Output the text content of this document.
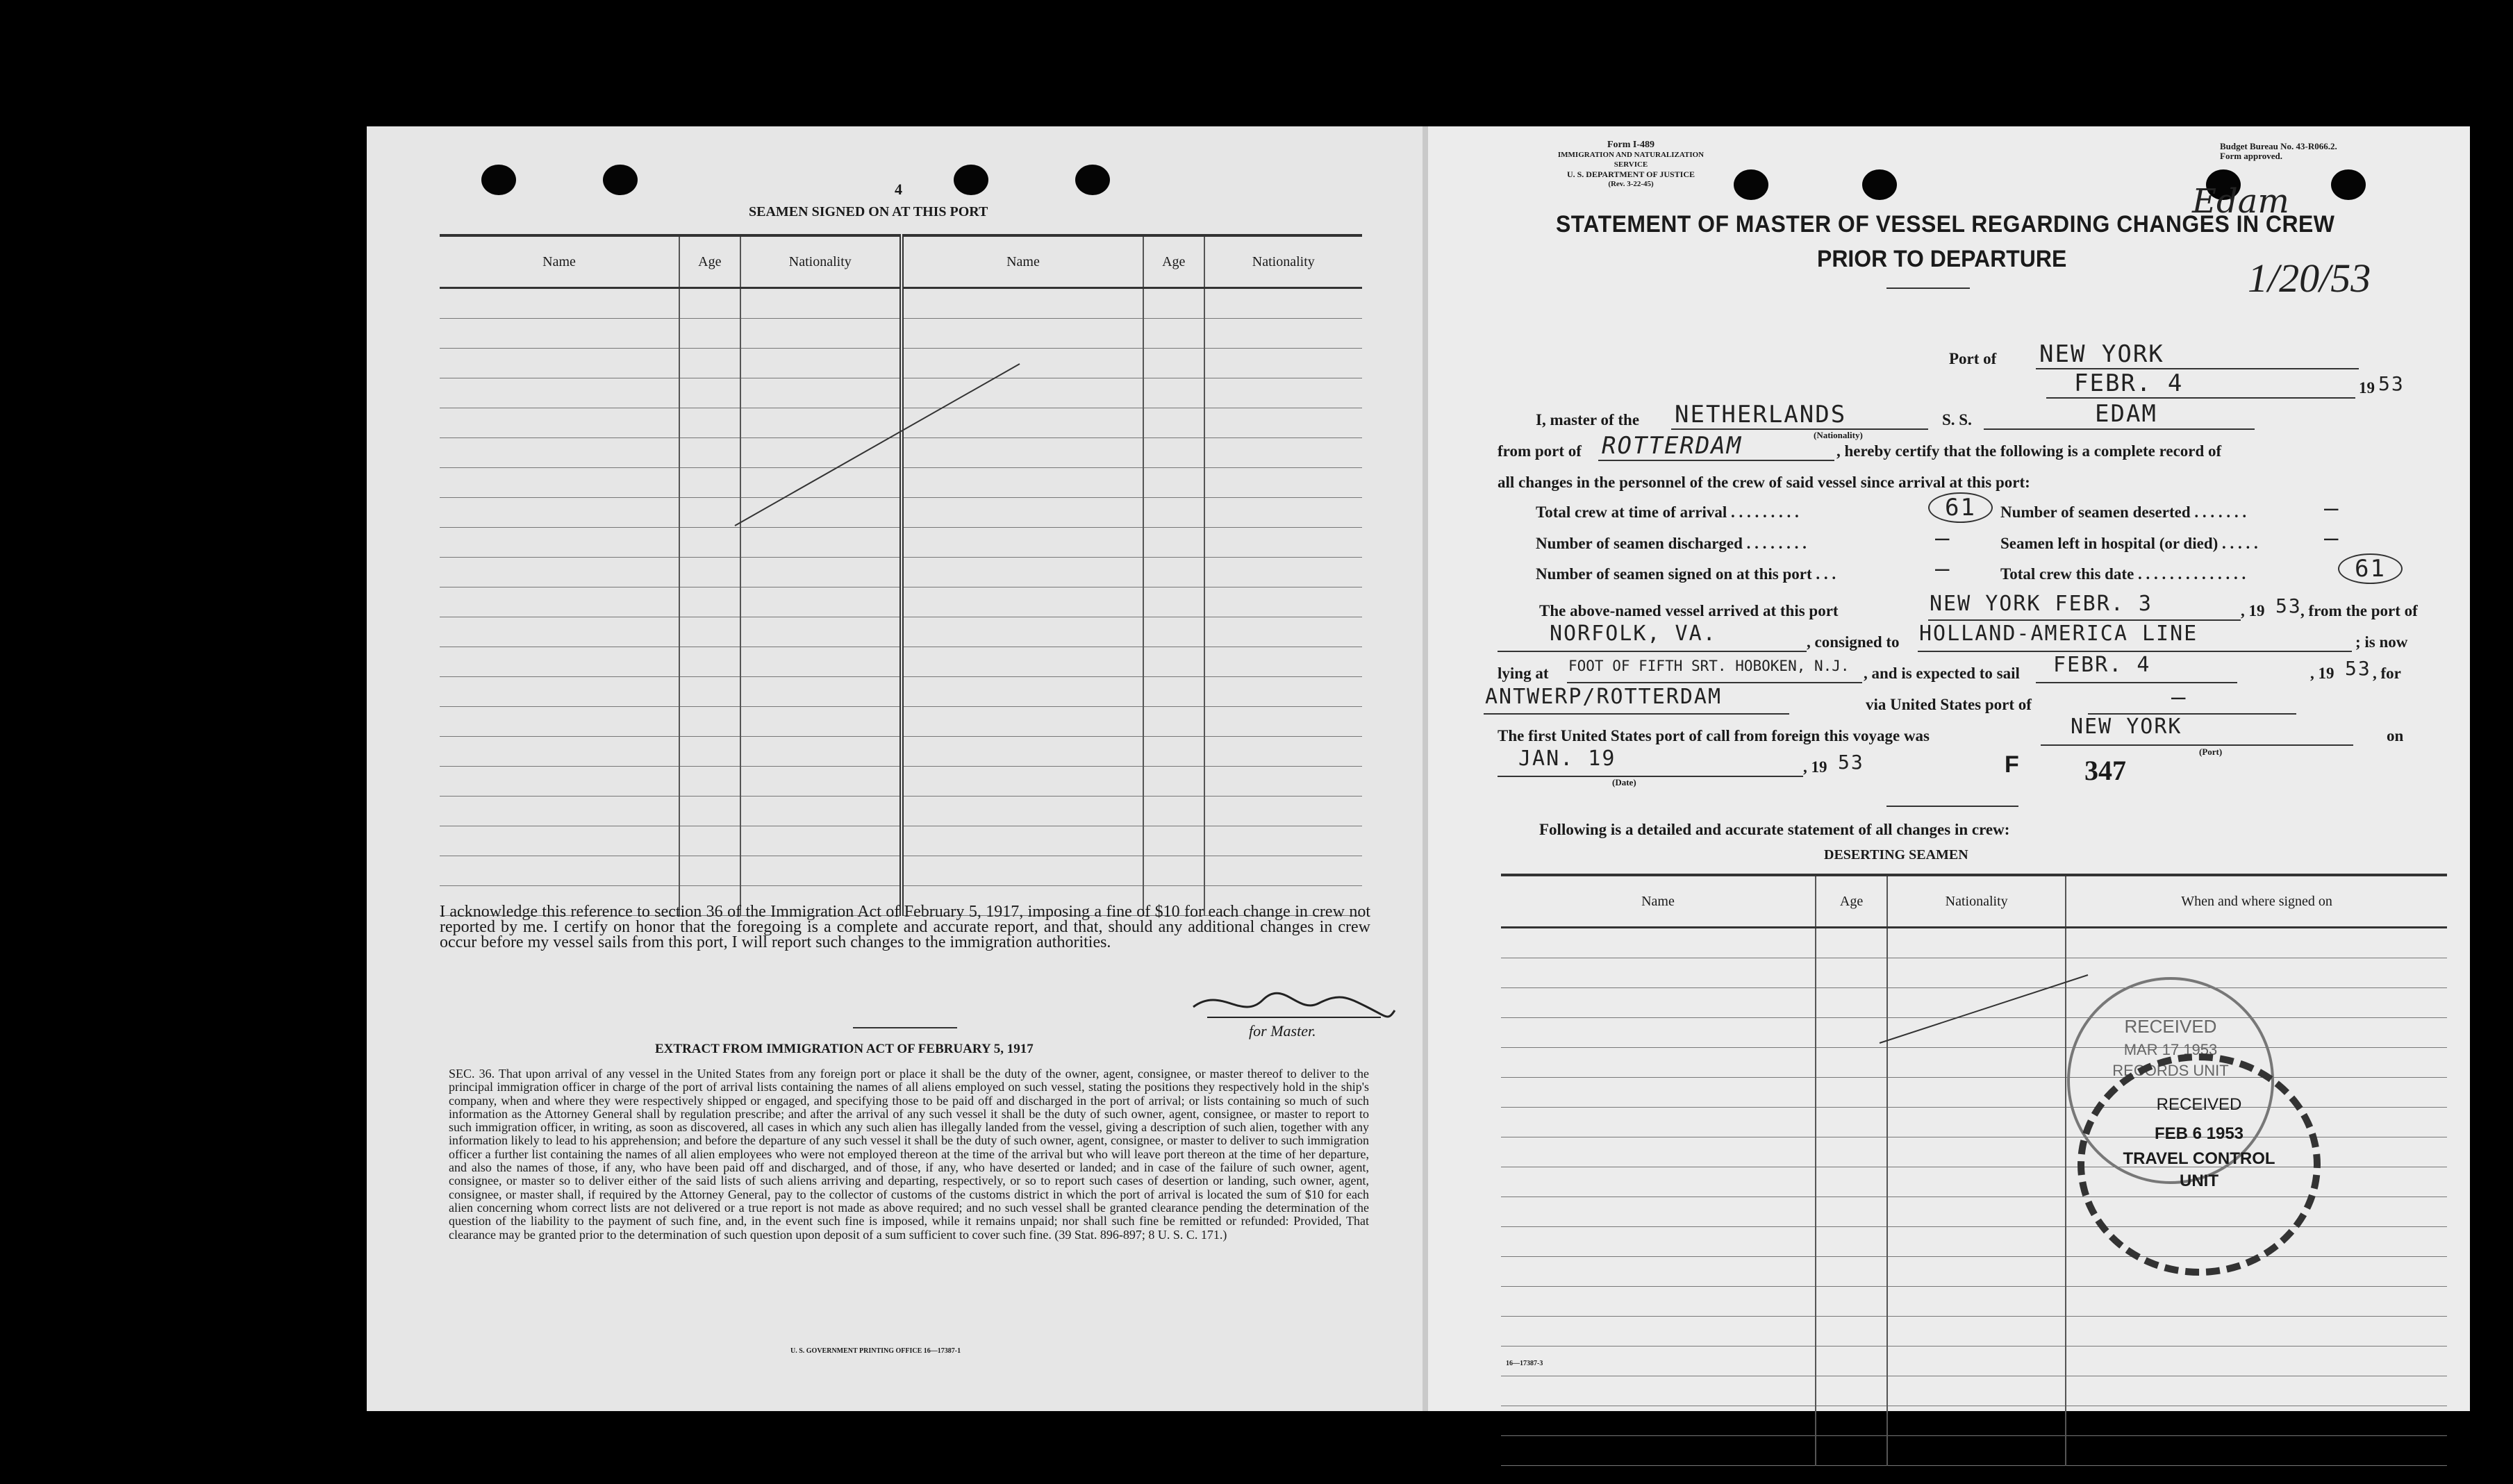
4
SEAMEN SIGNED ON AT THIS PORT
Name	Age	Nationality	Name	Age	Nationality

I acknowledge this reference to section 36 of the Immigration Act of February 5, 1917, imposing a fine of $10 for each change in crew not reported by me. I certify on honor that the foregoing is a complete and accurate report, and that, should any additional changes in crew occur before my vessel sails from this port, I will report such changes to the immigration authorities.
for Master.
EXTRACT FROM IMMIGRATION ACT OF FEBRUARY 5, 1917
SEC. 36. That upon arrival of any vessel in the United States from any foreign port or place it shall be the duty of the owner, agent, consignee, or master thereof to deliver to the principal immigration officer in charge of the port of arrival lists containing the names of all aliens employed on such vessel, stating the positions they respectively hold in the ship's company, when and where they were respectively shipped or engaged, and specifying those to be paid off and discharged in the port of arrival; or lists containing so much of such information as the Attorney General shall by regulation prescribe; and after the arrival of any such vessel it shall be the duty of such owner, agent, consignee, or master to report to such immigration officer, in writing, as soon as discovered, all cases in which any such alien has illegally landed from the vessel, giving a description of such alien, together with any information likely to lead to his apprehension; and before the departure of any such vessel it shall be the duty of such owner, agent, consignee, or master to deliver to such immigration officer a further list containing the names of all alien employees who were not employed thereon at the time of the arrival but who will leave port thereon at the time of her departure, and also the names of those, if any, who have been paid off and discharged, and of those, if any, who have deserted or landed; and in case of the failure of such owner, agent, consignee, or master so to deliver either of the said lists of such aliens arriving and departing, respectively, or so to report such cases of desertion or landing, such owner, agent, consignee, or master shall, if required by the Attorney General, pay to the collector of customs of the customs district in which the port of arrival is located the sum of $10 for each alien concerning whom correct lists are not delivered or a true report is not made as above required; and no such vessel shall be granted clearance pending the determination of the question of the liability to the payment of such fine, and, in the event such fine is imposed, while it remains unpaid; nor shall such fine be remitted or refunded: Provided, That clearance may be granted prior to the determination of such question upon deposit of a sum sufficient to cover such fine. (39 Stat. 896-897; 8 U. S. C. 171.)
U. S. GOVERNMENT PRINTING OFFICE 16—17387-1
Form I-489
IMMIGRATION AND NATURALIZATION SERVICE
U. S. DEPARTMENT OF JUSTICE
(Rev. 3-22-45)
Budget Bureau No. 43-R066.2.
Form approved.
STATEMENT OF MASTER OF VESSEL REGARDING CHANGES IN CREW
PRIOR TO DEPARTURE
Edam
1/20/53
Port of NEW YORK
FEBR. 4	19 53
I, master of the NETHERLANDS
(Nationality)
S. S.	EDAM
from port of ROTTERDAM	, hereby certify that the following is a complete record of
all changes in the personnel of the crew of said vessel since arrival at this port:
Total crew at time of arrival . . . . . . . . .	61	Number of seamen deserted . . . . . . .	—
Number of seamen discharged . . . . . . . .	—	Seamen left in hospital (or died) . . . . .	—
Number of seamen signed on at this port . . .	—	Total crew this date . . . . . . . . . . . . . .	61
The above-named vessel arrived at this port	NEW YORK FEBR. 3	, 19 53
, from the port of
NORFOLK, VA.	, consigned to HOLLAND-AMERICA LINE	; is now
lying at FOOT OF FIFTH SRT. HOBOKEN, N.J. , and is expected to sail FEBR. 4	, 19 53 , for
ANTWERP/ROTTERDAM	via United States port of	—
The first United States port of call from foreign this voyage was	NEW YORK
(Port)
on
JAN. 19
(Date)
, 19 53	F 347
Following is a detailed and accurate statement of all changes in crew:
DESERTING SEAMEN
Name	Age	Nationality	When and where signed on

RECEIVED
MAR 17 1953
RECORDS UNIT
RECEIVED
FEB 6 1953
TRAVEL CONTROL
UNIT
16—17387-3
